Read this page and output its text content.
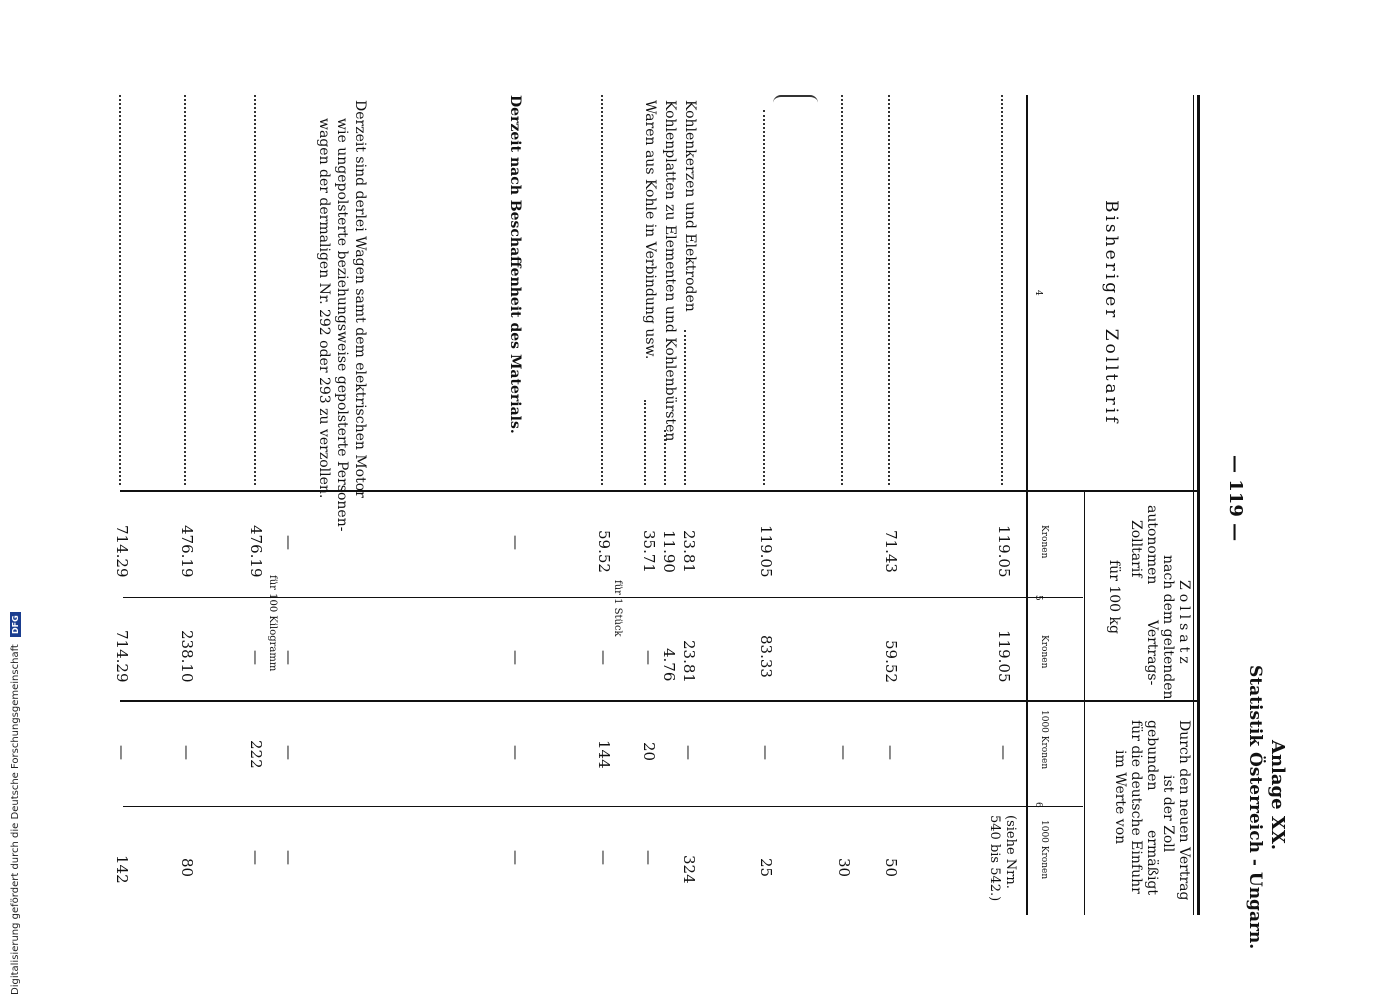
Anlage XX.
Statistik Österreich - Ungarn.
— 119 —
Bisheriger Zolltarif
4
Zollsatz
nach dem geltenden
autonomen
Zolltarif
Vertrags-
für 100 kg
Kronen
5
Kronen
Durch den neuen Vertrag
ist der Zoll
gebunden
ermäßigt
für die deutsche Einfuhr
im Werte von
1000 Kronen
6
1000 Kronen
119.05
119.05
—
(siehe Nrn. 540 bis 542.)
71.43
59.52
—
50
—
30
119.05
83.33
—
25
Kohlenkerzen und Elektroden
23.81
23.81
—
324
Kohlenplatten zu Elementen und Kohlenbürsten
11.90
4.76
Waren aus Kohle in Verbindung usw.
35.71
—
20
—
59.52
für 1 Stück
—
144
—
Derzeit nach Beschaffenheit des Materials.
—
—
—
—
Derzeit sind derlei Wagen samt dem elektrischen Motor
wie ungepolsterte beziehungsweise gepolsterte Personen-
wagen der dermaligen Nr. 292 oder 293 zu verzollen.
—
—
—
—
476.19
für 100 Kilogramm
—
222
—
476.19
238.10
—
80
714.29
714.29
—
142
Digitalisierung gefördert durch die Deutsche Forschungsgemeinschaft DFG
